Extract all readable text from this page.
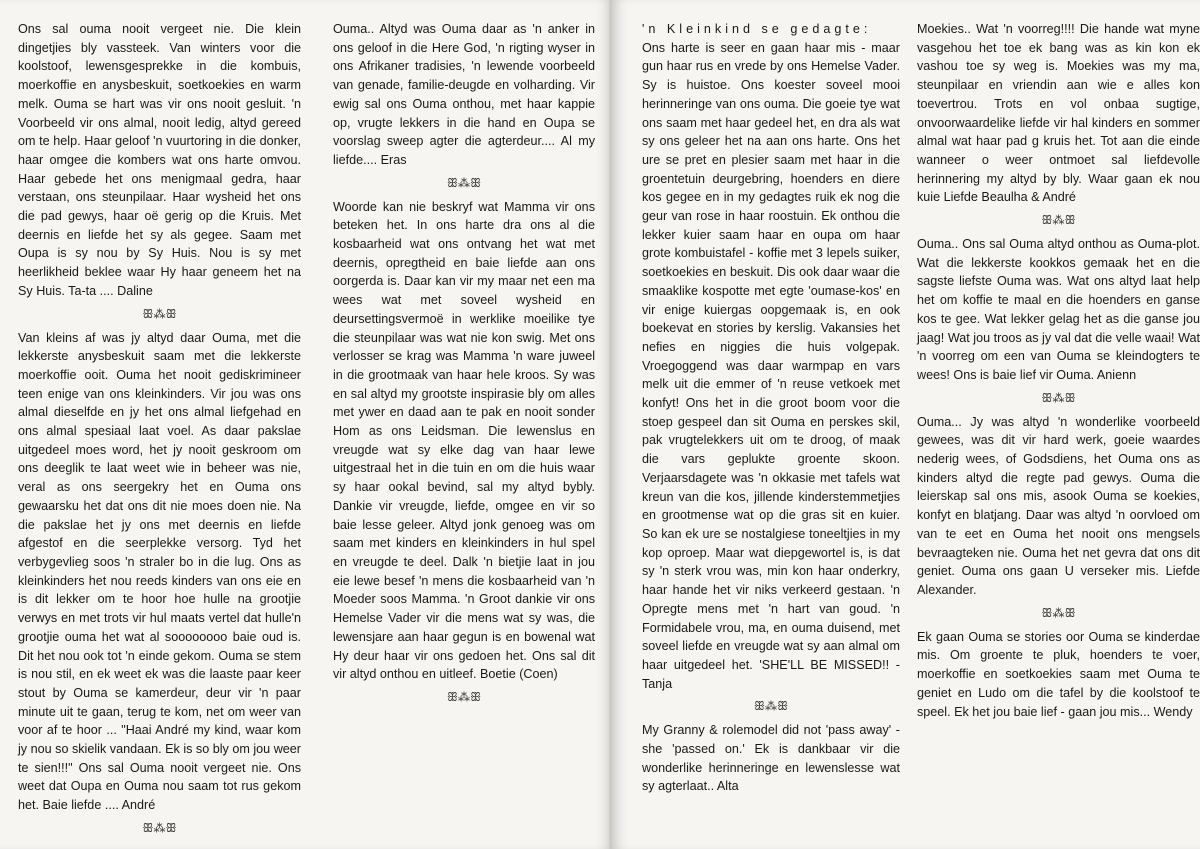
Ons sal ouma nooit vergeet nie. Die klein dingetjies bly vassteek. Van winters voor die koolstoof, lewensgesprekke in die kombuis, moerkoffie en anysbeskuit, soetkoekies en warm melk. Ouma se hart was vir ons nooit gesluit. 'n Voorbeeld vir ons almal, nooit ledig, altyd gereed om te help. Haar geloof 'n vuurtoring in die donker, haar omgee die kombers wat ons harte omvou. Haar gebede het ons menigmaal gedra, haar verstaan, ons steunpilaar. Haar wysheid het ons die pad gewys, haar oë gerig op die Kruis. Met deernis en liefde het sy als gegee. Saam met Oupa is sy nou by Sy Huis. Nou is sy met heerlikheid beklee waar Hy haar geneem het na Sy Huis. Ta-ta .... Daline

ꕥ⁂ꕥ

Van kleins af was jy altyd daar Ouma, met die lekkerste anysbeskuit saam met die lekkerste moerkoffie ooit. Ouma het nooit gediskrimineer teen enige van ons kleinkinders. Vir jou was ons almal dieselfde en jy het ons almal liefgehad en ons almal spesiaal laat voel. As daar pakslae uitgedeel moes word, het jy nooit geskroom om ons deeglik te laat weet wie in beheer was nie, veral as ons seergekry het en Ouma ons gewaarsku het dat ons dit nie moes doen nie. Na die pakslae het jy ons met deernis en liefde afgestof en die seerplekke versorg. Tyd het verbygevlieg soos 'n straler bo in die lug. Ons as kleinkinders het nou reeds kinders van ons eie en is dit lekker om te hoor hoe hulle na grootjie verwys en met trots vir hul maats vertel dat hulle'n grootjie ouma het wat al soooooooo baie oud is. Dit het nou ook tot 'n einde gekom. Ouma se stem is nou stil, en ek weet ek was die laaste paar keer stout by Ouma se kamerdeur, deur vir 'n paar minute uit te gaan, terug te kom, net om weer van voor af te hoor ... "Haai André my kind, waar kom jy nou so skielik vandaan. Ek is so bly om jou weer te sien!!!" Ons sal Ouma nooit vergeet nie. Ons weet dat Oupa en Ouma nou saam tot rus gekom het. Baie liefde .... André

ꕥ⁂ꕥ

Ouma.. Altyd was Ouma daar as 'n anker in ons geloof in die Here God, 'n rigting wyser in ons Afrikaner tradisies, 'n lewende voorbeeld van genade, familie-deugde en volharding. Vir ewig sal ons Ouma onthou, met haar kappie op, vrugte lekkers in die hand en Oupa se voorslag sweep agter die agterdeur.... Al my liefde.... Eras

ꕥ⁂ꕥ

Woorde kan nie beskryf wat Mamma vir ons beteken het. In ons harte dra ons al die kosbaarheid wat ons ontvang het wat met deernis, opregtheid en baie liefde aan ons oorgerda is. Daar kan vir my maar net een ma wees wat met soveel wysheid en deursettingsvermoë in werklike moeilike tye die steunpilaar was wat nie kon swig. Met ons verlosser se krag was Mamma 'n ware juweel in die grootmaak van haar hele kroos. Sy was en sal altyd my grootste inspirasie bly om alles met ywer en daad aan te pak en nooit sonder Hom as ons Leidsman. Die lewenslus en vreugde wat sy elke dag van haar lewe uitgestraal het in die tuin en om die huis waar sy haar ookal bevind, sal my altyd bybly. Dankie vir vreugde, liefde, omgee en vir so baie lesse geleer. Altyd jonk genoeg was om saam met kinders en kleinkinders in hul spel en vreugde te deel. Dalk 'n bietjie laat in jou eie lewe besef 'n mens die kosbaarheid van 'n Moeder soos Mamma. 'n Groot dankie vir ons Hemelse Vader vir die mens wat sy was, die lewensjare aan haar gegun is en bowenal wat Hy deur haar vir ons gedoen het. Ons sal dit vir altyd onthou en uitleef. Boetie (Coen)

ꕥ⁂ꕥ

'n Kleinkind se gedagte:

Ons harte is seer en gaan haar mis - maar gun haar rus en vrede by ons Hemelse Vader. Sy is huistoe. Ons koester soveel mooi herinneringe van ons ouma. Die goeie tye wat ons saam met haar gedeel het, en dra als wat sy ons geleer het na aan ons harte. Ons het ure se pret en plesier saam met haar in die groentetuin deurgebring, hoenders en diere kos gegee en in my gedagtes ruik ek nog die geur van rose in haar roostuin. Ek onthou die lekker kuier saam haar en oupa om haar grote kombuistafel - koffie met 3 lepels suiker, soetkoekies en beskuit. Dis ook daar waar die smaaklike kospotte met egte 'oumase-kos' en vir enige kuiergas oopgemaak is, en ook boekevat en stories by kerslig. Vakansies het nefies en niggies die huis volgepak. Vroegoggend was daar warmpap en vars melk uit die emmer of 'n reuse vetkoek met konfyt! Ons het in die groot boom voor die stoep gespeel dan sit Ouma en perskes skil, pak vrugtelekkers uit om te droog, of maak die vars geplukte groente skoon. Verjaarsdagete was 'n okkasie met tafels wat kreun van die kos, jillende kinderstemmetjies en grootmense wat op die gras sit en kuier. So kan ek ure se nostalgiese toneeltjies in my kop oproep. Maar wat diepgewortel is, is dat sy 'n sterk vrou was, min kon haar onderkry, haar hande het vir niks verkeerd gestaan. 'n Opregte mens met 'n hart van goud. 'n Formidabele vrou, ma, en ouma duisend, met soveel liefde en vreugde wat sy aan almal om haar uitgedeel het. 'SHE'LL BE MISSED!! -Tanja

ꕥ⁂ꕥ

My Granny & rolemodel did not 'pass away' - she 'passed on.' Ek is dankbaar vir die wonderlike herinneringe en lewenslesse wat sy agterlaat.. Alta

Moekies.. Wat 'n voorreg!!!! Die hande wat myne vasgehou het toe ek bang was as kin kon ek vashou toe sy weg is. Moekies was my ma, steunpilaar en vriendin aan wie e alles kon toevertrou. Trots en vol onbaa sugtige, onvoorwaardelike liefde vir hal kinders en sommer almal wat haar pad g kruis het. Tot aan die einde wanneer o weer ontmoet sal liefdevolle herinnering my altyd by bly. Waar gaan ek nou kuie Liefde Beaulha & André

ꕥ⁂ꕥ

Ouma.. Ons sal Ouma altyd onthou as Ouma-plot. Wat die lekkerste kookkos gemaak het en die sagste liefste Ouma was. Wat ons altyd laat help het om koffie te maal en die hoenders en ganse kos te gee. Wat lekker gelag het as die ganse jou jaag! Wat jou troos as jy val dat die velle waai! Wat 'n voorreg om een van Ouma se kleindogters te wees! Ons is baie lief vir Ouma. Anienn

ꕥ⁂ꕥ

Ouma... Jy was altyd 'n wonderlike voorbeeld gewees, was dit vir hard werk, goeie waardes nederig wees, of Godsdiens, het Ouma ons as kinders altyd die regte pad gewys. Ouma die leierskap sal ons mis, asook Ouma se koekies, konfyt en blatjang. Daar was altyd 'n oorvloed om van te eet en Ouma het nooit ons mengsels bevraagteken nie. Ouma het net gevra dat ons dit geniet. Ouma ons gaan U verseker mis. Liefde Alexander.

ꕥ⁂ꕥ

Ek gaan Ouma se stories oor Ouma se kinderdae mis. Om groente te pluk, hoenders te voer, moerkoffie en soetkoekies saam met Ouma te geniet en Ludo om die tafel by die koolstoof te speel. Ek het jou baie lief - gaan jou mis... Wendy
